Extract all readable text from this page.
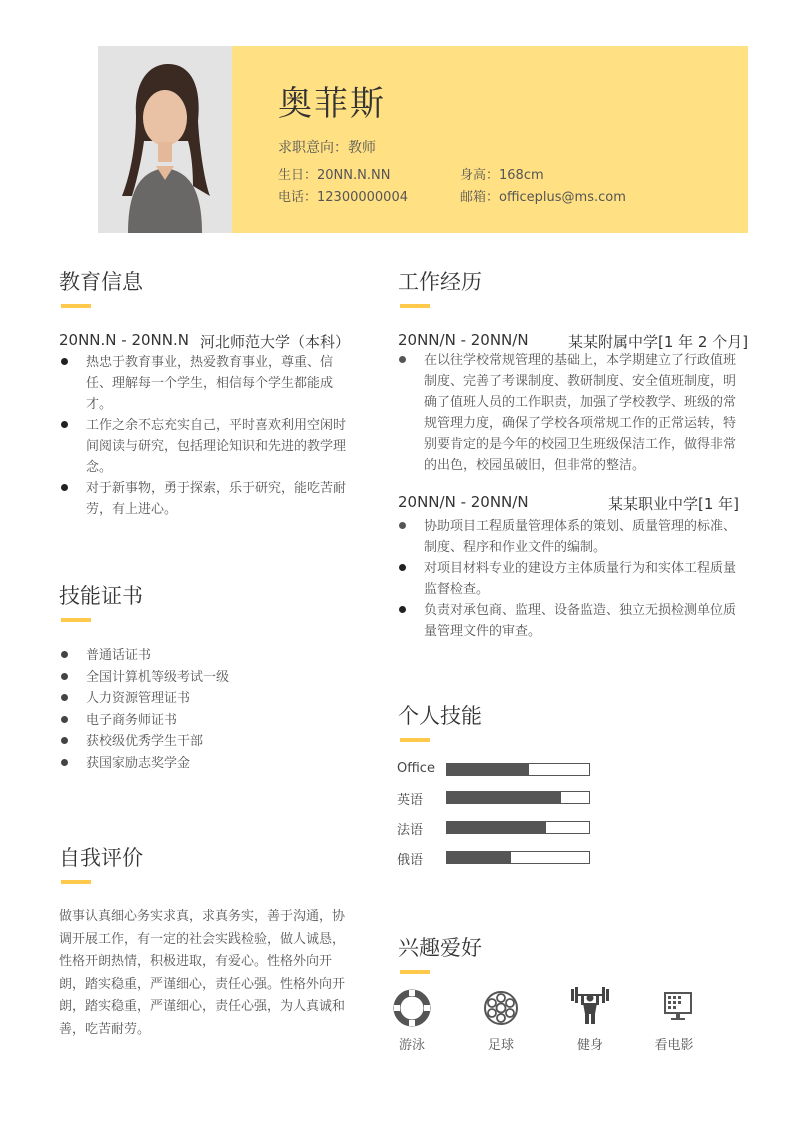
奥菲斯
求职意向：教师
生日：20NN.N.NN	身高：168cm
电话：12300000004	邮箱：officeplus@ms.com
教育信息
20NN.N - 20NN.N 河北师范大学（本科）
热忠于教育事业，热爱教育事业，尊重、信任、理解每一个学生，相信每个学生都能成才。
工作之余不忘充实自己，平时喜欢利用空闲时间阅读与研究，包括理论知识和先进的教学理念。
对于新事物，勇于探索，乐于研究，能吃苦耐劳，有上进心。
技能证书
普通话证书
全国计算机等级考试一级
人力资源管理证书
电子商务师证书
获校级优秀学生干部
获国家励志奖学金
自我评价
做事认真细心务实求真，求真务实，善于沟通，协调开展工作，有一定的社会实践检验，做人诚恳，性格开朗热情，积极进取，有爱心。性格外向开朗，踏实稳重，严谨细心，责任心强。性格外向开朗，踏实稳重，严谨细心，责任心强，为人真诚和善，吃苦耐劳。
工作经历
20NN/N - 20NN/N	某某附属中学[1 年 2 个月]
在以往学校常规管理的基础上，本学期建立了行政值班制度、完善了考课制度、教研制度、安全值班制度，明确了值班人员的工作职责，加强了学校教学、班级的常规管理力度，确保了学校各项常规工作的正常运转，特别要肯定的是今年的校园卫生班级保洁工作，做得非常的出色，校园虽破旧，但非常的整洁。
20NN/N - 20NN/N	某某职业中学[1 年]
协助项目工程质量管理体系的策划、质量管理的标准、制度、程序和作业文件的编制。
对项目材料专业的建设方主体质量行为和实体工程质量监督检查。
负责对承包商、监理、设备监造、独立无损检测单位质量管理文件的审查。
个人技能
Office
英语
法语
俄语
兴趣爱好
游泳	足球	健身	看电影
